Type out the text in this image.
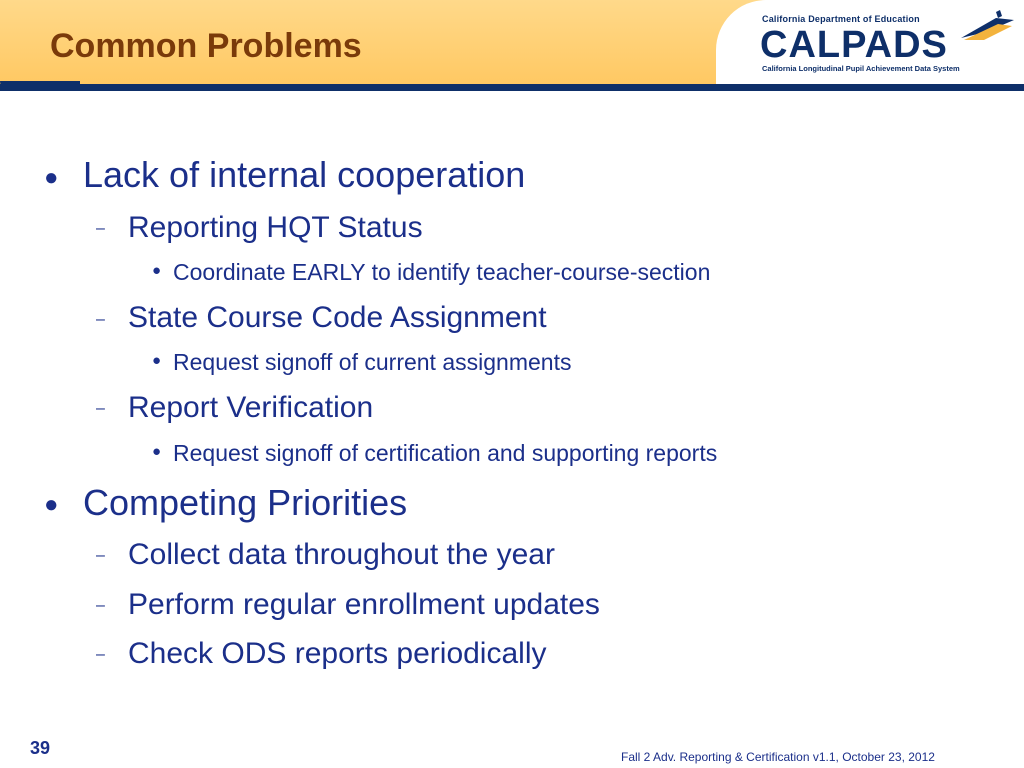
Common Problems
California Department of Education
CALPADS
California Longitudinal Pupil Achievement Data System
● Lack of internal cooperation
– Reporting HQT Status
● Coordinate EARLY to identify teacher-course-section
– State Course Code Assignment
● Request signoff of current assignments
– Report Verification
● Request signoff of certification and supporting reports
● Competing Priorities
– Collect data throughout the year
– Perform regular enrollment updates
– Check ODS reports periodically
39	Fall 2 Adv. Reporting & Certification v1.1, October 23, 2012
